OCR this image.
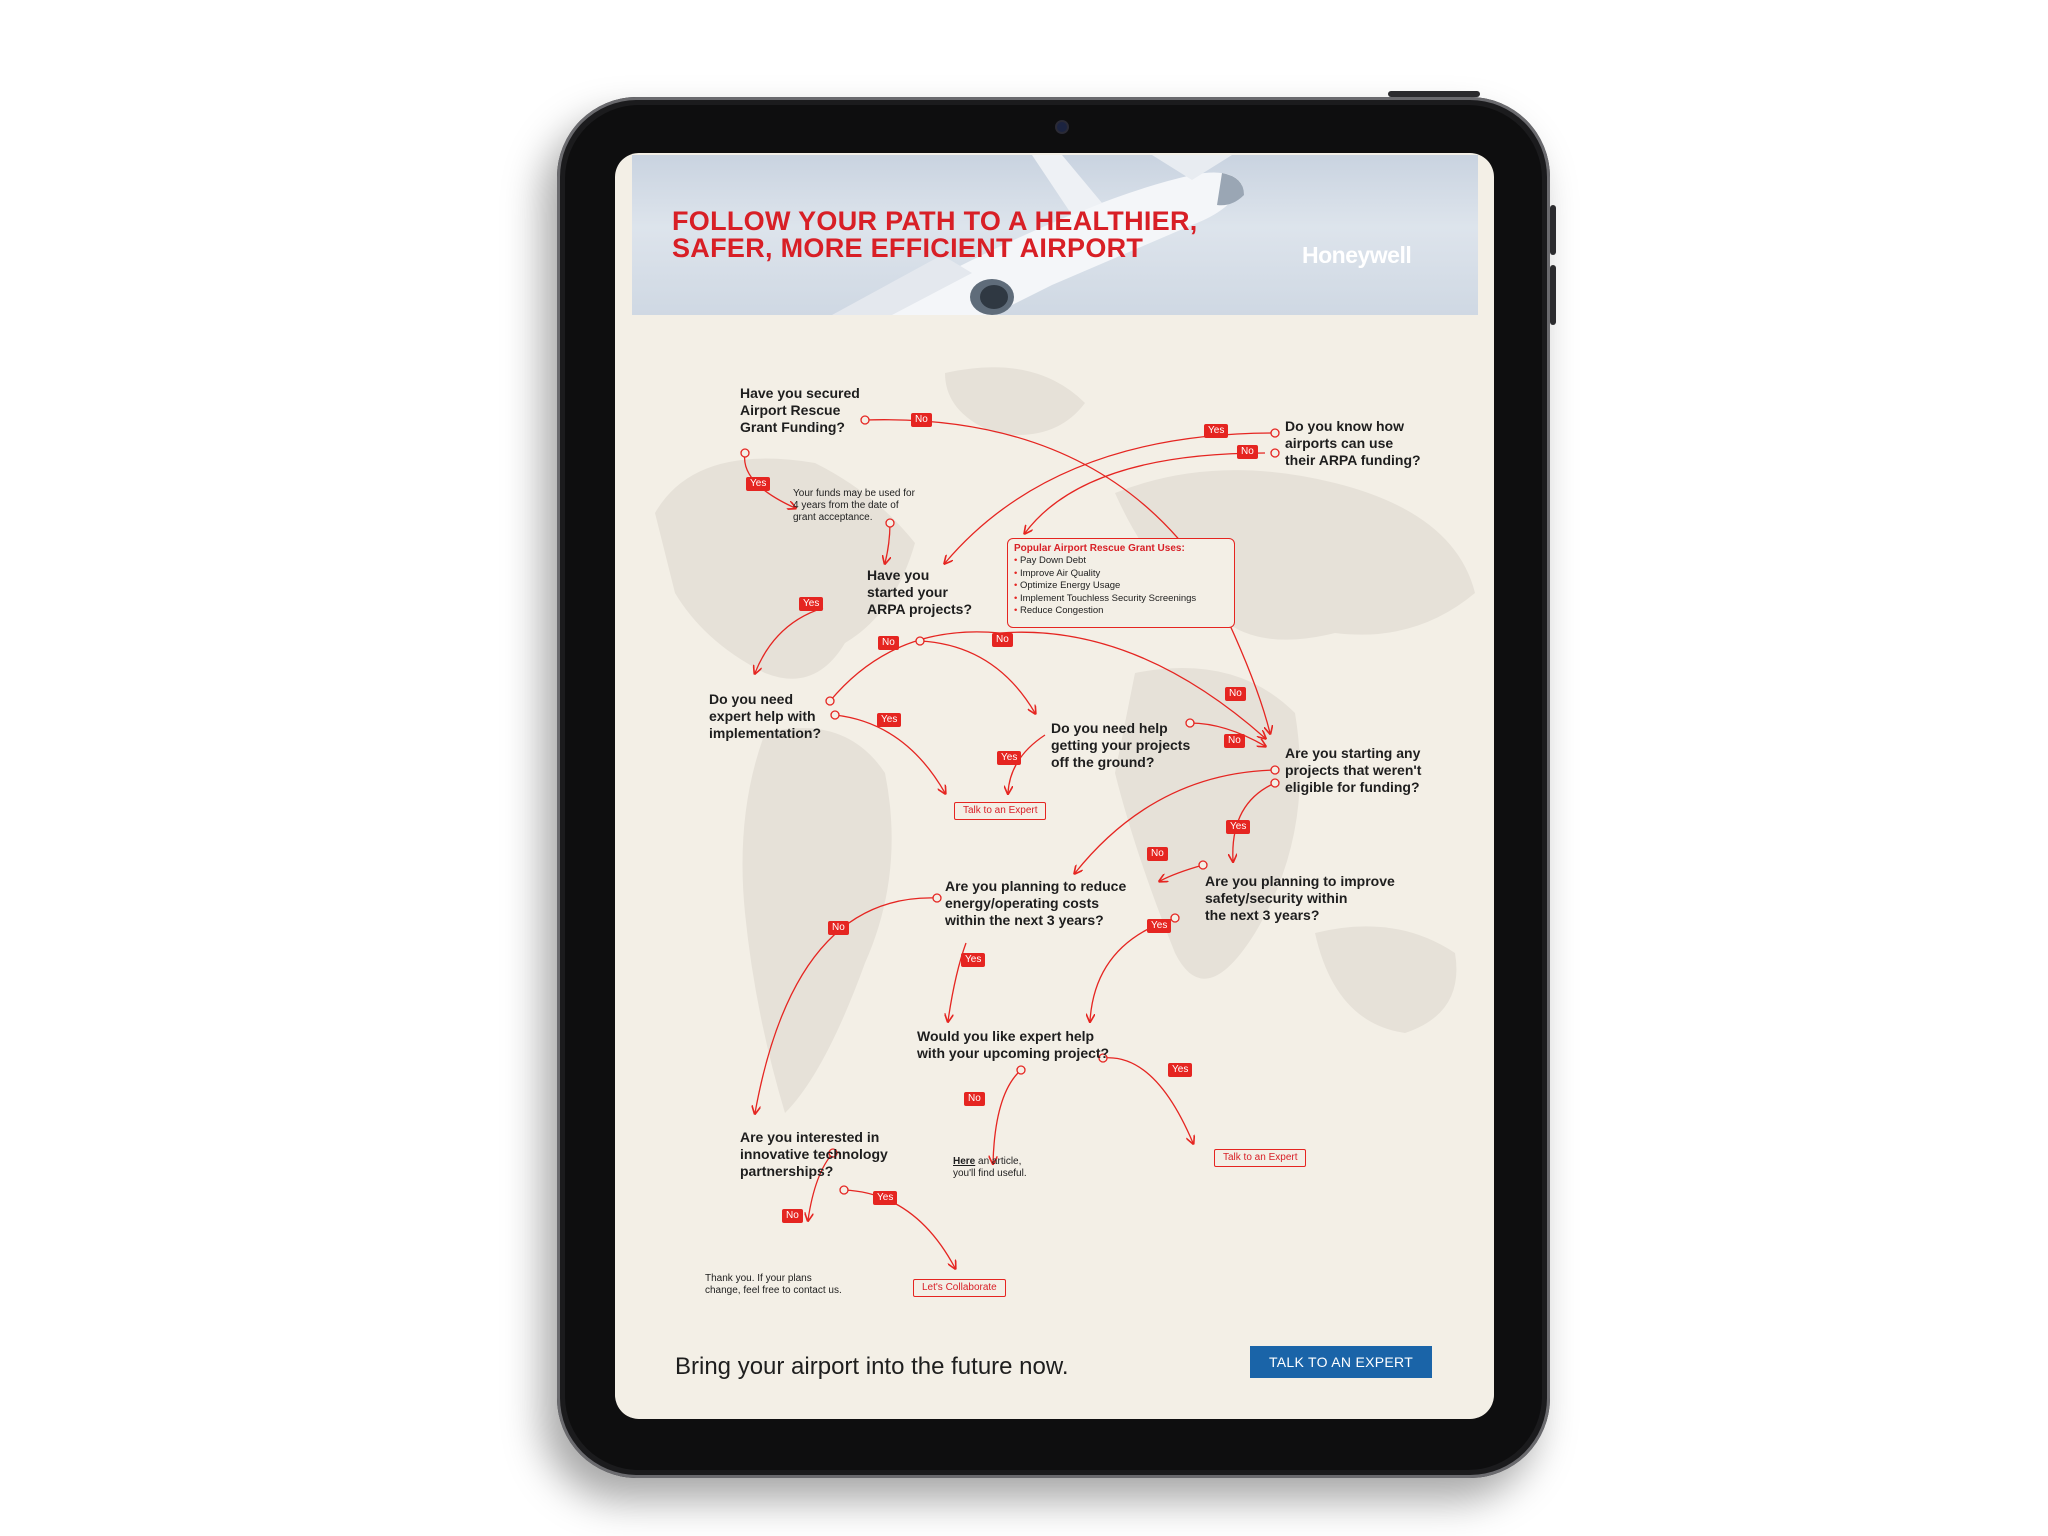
FOLLOW YOUR PATH TO A HEALTHIER,
SAFER, MORE EFFICIENT AIRPORT	Honeywell
Have you secured
Airport Rescue
Grant Funding?	Do you know how
airports can use
their ARPA funding?
Have you
started your
ARPA projects?
Do you need
expert help with
implementation?	Do you need help
getting your projects
off the ground?
Are you starting any
projects that weren't
eligible for funding?
Are you planning to reduce
energy/operating costs
within the next 3 years?
Are you planning to improve
safety/security within
the next 3 years?
Would you like expert help
with your upcoming project?
Are you interested in
innovative technology
partnerships?
Your funds may be used for
4 years from the date of
grant acceptance.
Here an article,
you'll find useful.
Thank you. If your plans
change, feel free to contact us.
Popular Airport Rescue Grant Uses:
• Pay Down Debt
• Improve Air Quality
• Optimize Energy Usage
• Implement Touchless Security Screenings
• Reduce Congestion
No
Yes
Yes
No
Yes
No	No
Yes
Yes
No
No
Yes
No
No
Yes
Yes
Yes
No
No
Yes
Talk to an Expert
Talk to an Expert
Let's Collaborate
Bring your airport into the future now.	TALK TO AN EXPERT
